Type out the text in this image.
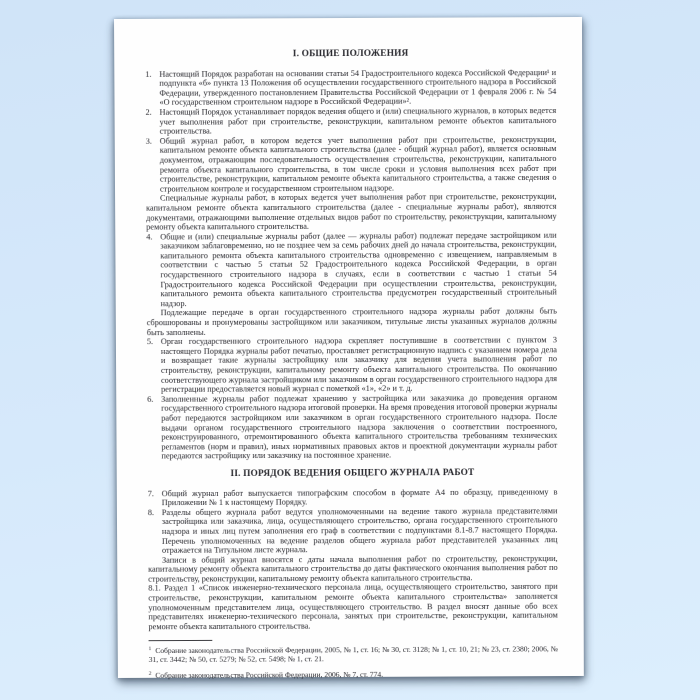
I. ОБЩИЕ ПОЛОЖЕНИЯ

1. Настоящий Порядок разработан на основании статьи 54 Градостроительного кодекса Российской Федерации¹ и подпункта «б» пункта 13 Положения об осуществлении государственного строительного надзора в Российской Федерации, утвержденного постановлением Правительства Российской Федерации от 1 февраля 2006 г. № 54 «О государственном строительном надзоре в Российской Федерации»².

2. Настоящий Порядок устанавливает порядок ведения общего и (или) специального журналов, в которых ведется учет выполнения работ при строительстве, реконструкции, капитальном ремонте объектов капитального строительства.

3. Общий журнал работ, в котором ведется учет выполнения работ при строительстве, реконструкции, капитальном ремонте объекта капитального строительства (далее - общий журнал работ), является основным документом, отражающим последовательность осуществления строительства, реконструкции, капитального ремонта объекта капитального строительства, в том числе сроки и условия выполнения всех работ при строительстве, реконструкции, капитальном ремонте объекта капитального строительства, а также сведения о строительном контроле и государственном строительном надзоре.

Специальные журналы работ, в которых ведется учет выполнения работ при строительстве, реконструкции, капитальном ремонте объекта капитального строительства (далее - специальные журналы работ), являются документами, отражающими выполнение отдельных видов работ по строительству, реконструкции, капитальному ремонту объекта капитального строительства.

4. Общие и (или) специальные журналы работ (далее — журналы работ) подлежат передаче застройщиком или заказчиком заблаговременно, но не позднее чем за семь рабочих дней до начала строительства, реконструкции, капитального ремонта объекта капитального строительства одновременно с извещением, направляемым в соответствии с частью 5 статьи 52 Градостроительного кодекса Российской Федерации, в орган государственного строительного надзора в случаях, если в соответствии с частью 1 статьи 54 Градостроительного кодекса Российской Федерации при осуществлении строительства, реконструкции, капитального ремонта объекта капитального строительства предусмотрен государственный строительный надзор.

Подлежащие передаче в орган государственного строительного надзора журналы работ должны быть сброшюрованы и пронумерованы застройщиком или заказчиком, титульные листы указанных журналов должны быть заполнены.

5. Орган государственного строительного надзора скрепляет поступившие в соответствии с пунктом 3 настоящего Порядка журналы работ печатью, проставляет регистрационную надпись с указанием номера дела и возвращает такие журналы застройщику или заказчику для ведения учета выполнения работ по строительству, реконструкции, капитальному ремонту объекта капитального строительства. По окончанию соответствующего журнала застройщиком или заказчиком в орган государственного строительного надзора для регистрации предоставляется новый журнал с пометкой «1», «2» и т. д.

6. Заполненные журналы работ подлежат хранению у застройщика или заказчика до проведения органом государственного строительного надзора итоговой проверки. На время проведения итоговой проверки журналы работ передаются застройщиком или заказчиком в орган государственного строительного надзора. После выдачи органом государственного строительного надзора заключения о соответствии построенного, реконструированного, отремонтированного объекта капитального строительства требованиям технических регламентов (норм и правил), иных нормативных правовых актов и проектной документации журналы работ передаются застройщику или заказчику на постоянное хранение.

II. ПОРЯДОК ВЕДЕНИЯ ОБЩЕГО ЖУРНАЛА РАБОТ

7. Общий журнал работ выпускается типографским способом в формате А4 по образцу, приведенному в Приложении № 1 к настоящему Порядку.

8. Разделы общего журнала работ ведутся уполномоченными на ведение такого журнала представителями застройщика или заказчика, лица, осуществляющего строительство, органа государственного строительного надзора и иных лиц путем заполнения его граф в соответствии с подпунктами 8.1-8.7 настоящего Порядка. Перечень уполномоченных на ведение разделов общего журнала работ представителей указанных лиц отражается на Титульном листе журнала.

Записи в общий журнал вносятся с даты начала выполнения работ по строительству, реконструкции, капитальному ремонту объекта капитального строительства до даты фактического окончания выполнения работ по строительству, реконструкции, капитальному ремонту объекта капитального строительства.

8.1. Раздел 1 «Список инженерно-технического персонала лица, осуществляющего строительство, занятого при строительстве, реконструкции, капитальном ремонте объекта капитального строительства» заполняется уполномоченным представителем лица, осуществляющего строительство. В раздел вносят данные обо всех представителях инженерно-технического персонала, занятых при строительстве, реконструкции, капитальном ремонте объекта капитального строительства.

$^1$ Собрание законодательства Российской Федерации, 2005, № 1, ст. 16; № 30, ст. 3128; № 1, ст. 10, 21; № 23, ст. 2380; 2006, № 31, ст. 3442; № 50, ст. 5279; № 52, ст. 5498; № 1, ст. 21.

$^2$ Собрание законодательства Российской Федерации, 2006, № 7, ст. 774.
